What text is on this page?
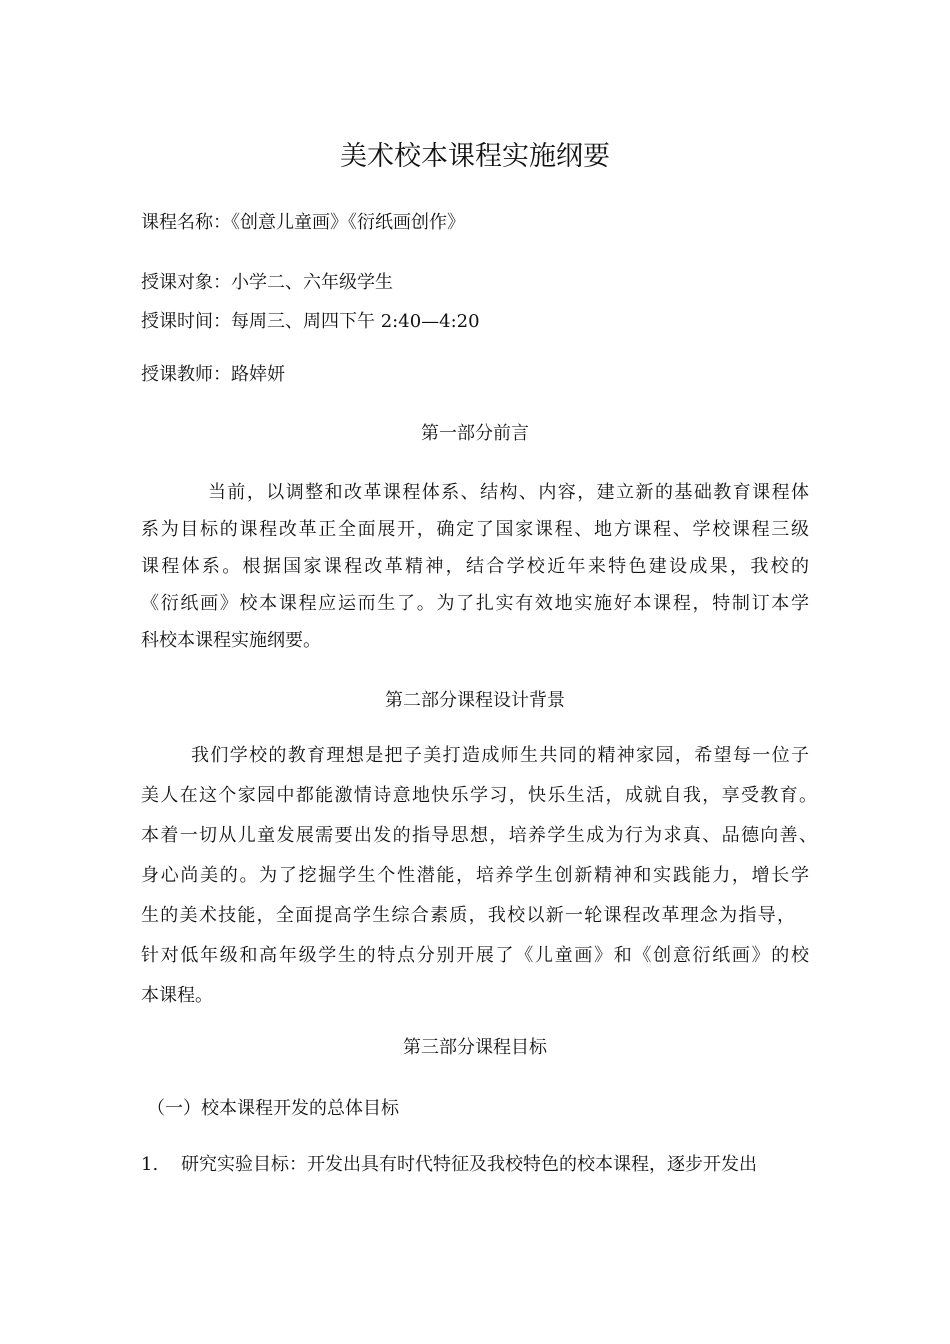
美术校本课程实施纲要
课程名称：《创意儿童画》《衍纸画创作》
授课对象：小学二、六年级学生
授课时间：每周三、周四下午 2:40—4:20
授课教师：路婞妍
第一部分前言
当前，以调整和改革课程体系、结构、内容，建立新的基础教育课程体
系为目标的课程改革正全面展开，确定了国家课程、地方课程、学校课程三级
课程体系。根据国家课程改革精神，结合学校近年来特色建设成果，我校的
《衍纸画》校本课程应运而生了。为了扎实有效地实施好本课程，特制订本学
科校本课程实施纲要。
第二部分课程设计背景
我们学校的教育理想是把子美打造成师生共同的精神家园，希望每一位子
美人在这个家园中都能激情诗意地快乐学习，快乐生活，成就自我，享受教育。
本着一切从儿童发展需要出发的指导思想，培养学生成为行为求真、品德向善、
身心尚美的。为了挖掘学生个性潜能，培养学生创新精神和实践能力，增长学
生的美术技能，全面提高学生综合素质，我校以新一轮课程改革理念为指导，
针对低年级和高年级学生的特点分别开展了《儿童画》和《创意衍纸画》的校
本课程。
第三部分课程目标
（一）校本课程开发的总体目标
1. 研究实验目标：开发出具有时代特征及我校特色的校本课程，逐步开发出
